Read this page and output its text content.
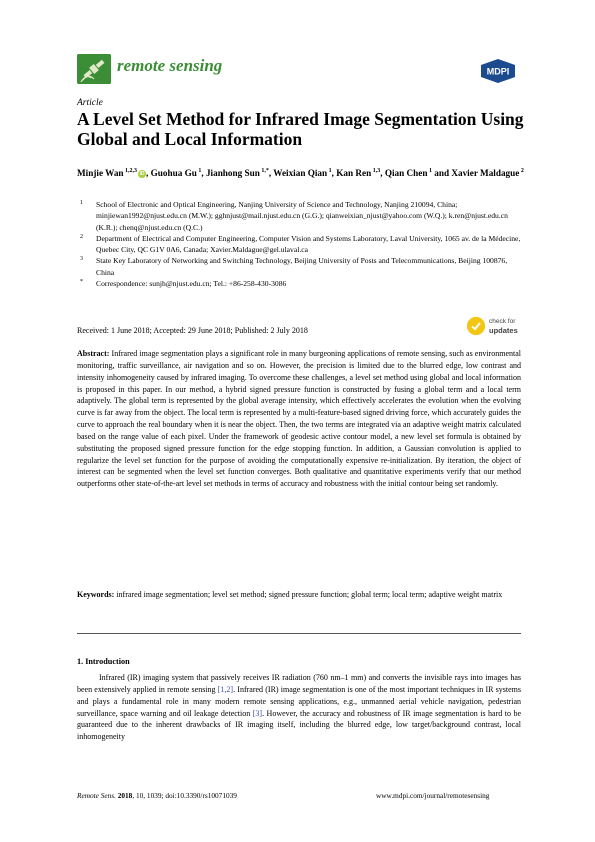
remote sensing	MDPI
Article
A Level Set Method for Infrared Image Segmentation Using Global and Local Information
Minjie Wan $^{1,2,3}$ iD , Guohua Gu $^1$, Jianhong Sun $^{1,*}$, Weixian Qian $^1$, Kan Ren $^{1,3}$, Qian Chen $^1$ and Xavier Maldague $^2$
1 School of Electronic and Optical Engineering, Nanjing University of Science and Technology, Nanjing 210094, China; minjiewan1992@njust.edu.cn (M.W.); gghnjust@mail.njust.edu.cn (G.G.); qianweixian_njust@yahoo.com (W.Q.); k.ren@njust.edu.cn (K.R.); chenq@njust.edu.cn (Q.C.)
2 Department of Electrical and Computer Engineering, Computer Vision and Systems Laboratory, Laval University, 1065 av. de la Médecine, Quebec City, QC G1V 0A6, Canada; Xavier.Maldague@gel.ulaval.ca
3 State Key Laboratory of Networking and Switching Technology, Beijing University of Posts and Telecommunications, Beijing 100876, China
* Correspondence: sunjh@njust.edu.cn; Tel.: +86-258-430-3086
Received: 1 June 2018; Accepted: 29 June 2018; Published: 2 July 2018
check for
updates
Abstract: Infrared image segmentation plays a significant role in many burgeoning applications of remote sensing, such as environmental monitoring, traffic surveillance, air navigation and so on. However, the precision is limited due to the blurred edge, low contrast and intensity inhomogeneity caused by infrared imaging. To overcome these challenges, a level set method using global and local information is proposed in this paper. In our method, a hybrid signed pressure function is constructed by fusing a global term and a local term adaptively. The global term is represented by the global average intensity, which effectively accelerates the evolution when the evolving curve is far away from the object. The local term is represented by a multi-feature-based signed driving force, which accurately guides the curve to approach the real boundary when it is near the object. Then, the two terms are integrated via an adaptive weight matrix calculated based on the range value of each pixel. Under the framework of geodesic active contour model, a new level set formula is obtained by substituting the proposed signed pressure function for the edge stopping function. In addition, a Gaussian convolution is applied to regularize the level set function for the purpose of avoiding the computationally expensive re-initialization. By iteration, the object of interest can be segmented when the level set function converges. Both qualitative and quantitative experiments verify that our method outperforms other state-of-the-art level set methods in terms of accuracy and robustness with the initial contour being set randomly.
Keywords: infrared image segmentation; level set method; signed pressure function; global term; local term; adaptive weight matrix
1. Introduction
Infrared (IR) imaging system that passively receives IR radiation (760 nm–1 mm) and converts the invisible rays into images has been extensively applied in remote sensing [1,2]. Infrared (IR) image segmentation is one of the most important techniques in IR systems and plays a fundamental role in many modern remote sensing applications, e.g., unmanned aerial vehicle navigation, pedestrian surveillance, space warning and oil leakage detection [3]. However, the accuracy and robustness of IR image segmentation is hard to be guaranteed due to the inherent drawbacks of IR imaging itself, including the blurred edge, low target/background contrast, local inhomogeneity
Remote Sens. 2018, 10, 1039; doi:10.3390/rs10071039	www.mdpi.com/journal/remotesensing
